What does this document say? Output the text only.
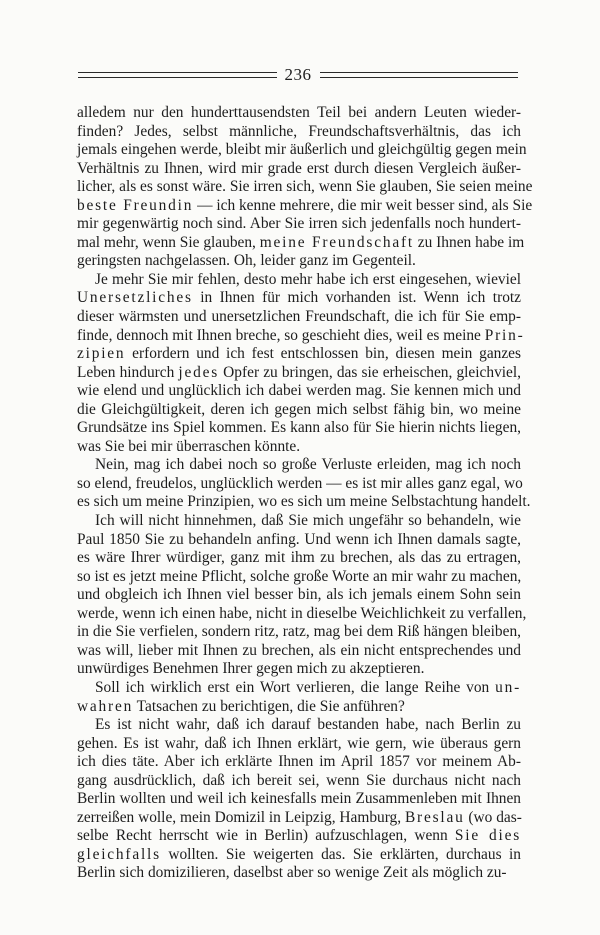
236
alledem nur den hunderttausendsten Teil bei andern Leuten wieder-
finden? Jedes, selbst männliche, Freundschaftsverhältnis, das ich
jemals eingehen werde, bleibt mir äußerlich und gleichgültig gegen mein
Verhältnis zu Ihnen, wird mir grade erst durch diesen Vergleich äußer-
licher, als es sonst wäre. Sie irren sich, wenn Sie glauben, Sie seien meine
beste Freundin — ich kenne mehrere, die mir weit besser sind, als Sie
mir gegenwärtig noch sind. Aber Sie irren sich jedenfalls noch hundert-
mal mehr, wenn Sie glauben, meine Freundschaft zu Ihnen habe im
geringsten nachgelassen. Oh, leider ganz im Gegenteil.
Je mehr Sie mir fehlen, desto mehr habe ich erst eingesehen, wieviel
Unersetzliches in Ihnen für mich vorhanden ist. Wenn ich trotz
dieser wärmsten und unersetzlichen Freundschaft, die ich für Sie emp-
finde, dennoch mit Ihnen breche, so geschieht dies, weil es meine Prin-
zipien erfordern und ich fest entschlossen bin, diesen mein ganzes
Leben hindurch jedes Opfer zu bringen, das sie erheischen, gleichviel,
wie elend und unglücklich ich dabei werden mag. Sie kennen mich und
die Gleichgültigkeit, deren ich gegen mich selbst fähig bin, wo meine
Grundsätze ins Spiel kommen. Es kann also für Sie hierin nichts liegen,
was Sie bei mir überraschen könnte.
Nein, mag ich dabei noch so große Verluste erleiden, mag ich noch
so elend, freudelos, unglücklich werden — es ist mir alles ganz egal, wo
es sich um meine Prinzipien, wo es sich um meine Selbstachtung handelt.
Ich will nicht hinnehmen, daß Sie mich ungefähr so behandeln, wie
Paul 1850 Sie zu behandeln anfing. Und wenn ich Ihnen damals sagte,
es wäre Ihrer würdiger, ganz mit ihm zu brechen, als das zu ertragen,
so ist es jetzt meine Pflicht, solche große Worte an mir wahr zu machen,
und obgleich ich Ihnen viel besser bin, als ich jemals einem Sohn sein
werde, wenn ich einen habe, nicht in dieselbe Weichlichkeit zu verfallen,
in die Sie verfielen, sondern ritz, ratz, mag bei dem Riß hängen bleiben,
was will, lieber mit Ihnen zu brechen, als ein nicht entsprechendes und
unwürdiges Benehmen Ihrer gegen mich zu akzeptieren.
Soll ich wirklich erst ein Wort verlieren, die lange Reihe von un-
wahren Tatsachen zu berichtigen, die Sie anführen?
Es ist nicht wahr, daß ich darauf bestanden habe, nach Berlin zu
gehen. Es ist wahr, daß ich Ihnen erklärt, wie gern, wie überaus gern
ich dies täte. Aber ich erklärte Ihnen im April 1857 vor meinem Ab-
gang ausdrücklich, daß ich bereit sei, wenn Sie durchaus nicht nach
Berlin wollten und weil ich keinesfalls mein Zusammenleben mit Ihnen
zerreißen wolle, mein Domizil in Leipzig, Hamburg, Breslau (wo das-
selbe Recht herrscht wie in Berlin) aufzuschlagen, wenn Sie dies
gleichfalls wollten. Sie weigerten das. Sie erklärten, durchaus in
Berlin sich domizilieren, daselbst aber so wenige Zeit als möglich zu-
